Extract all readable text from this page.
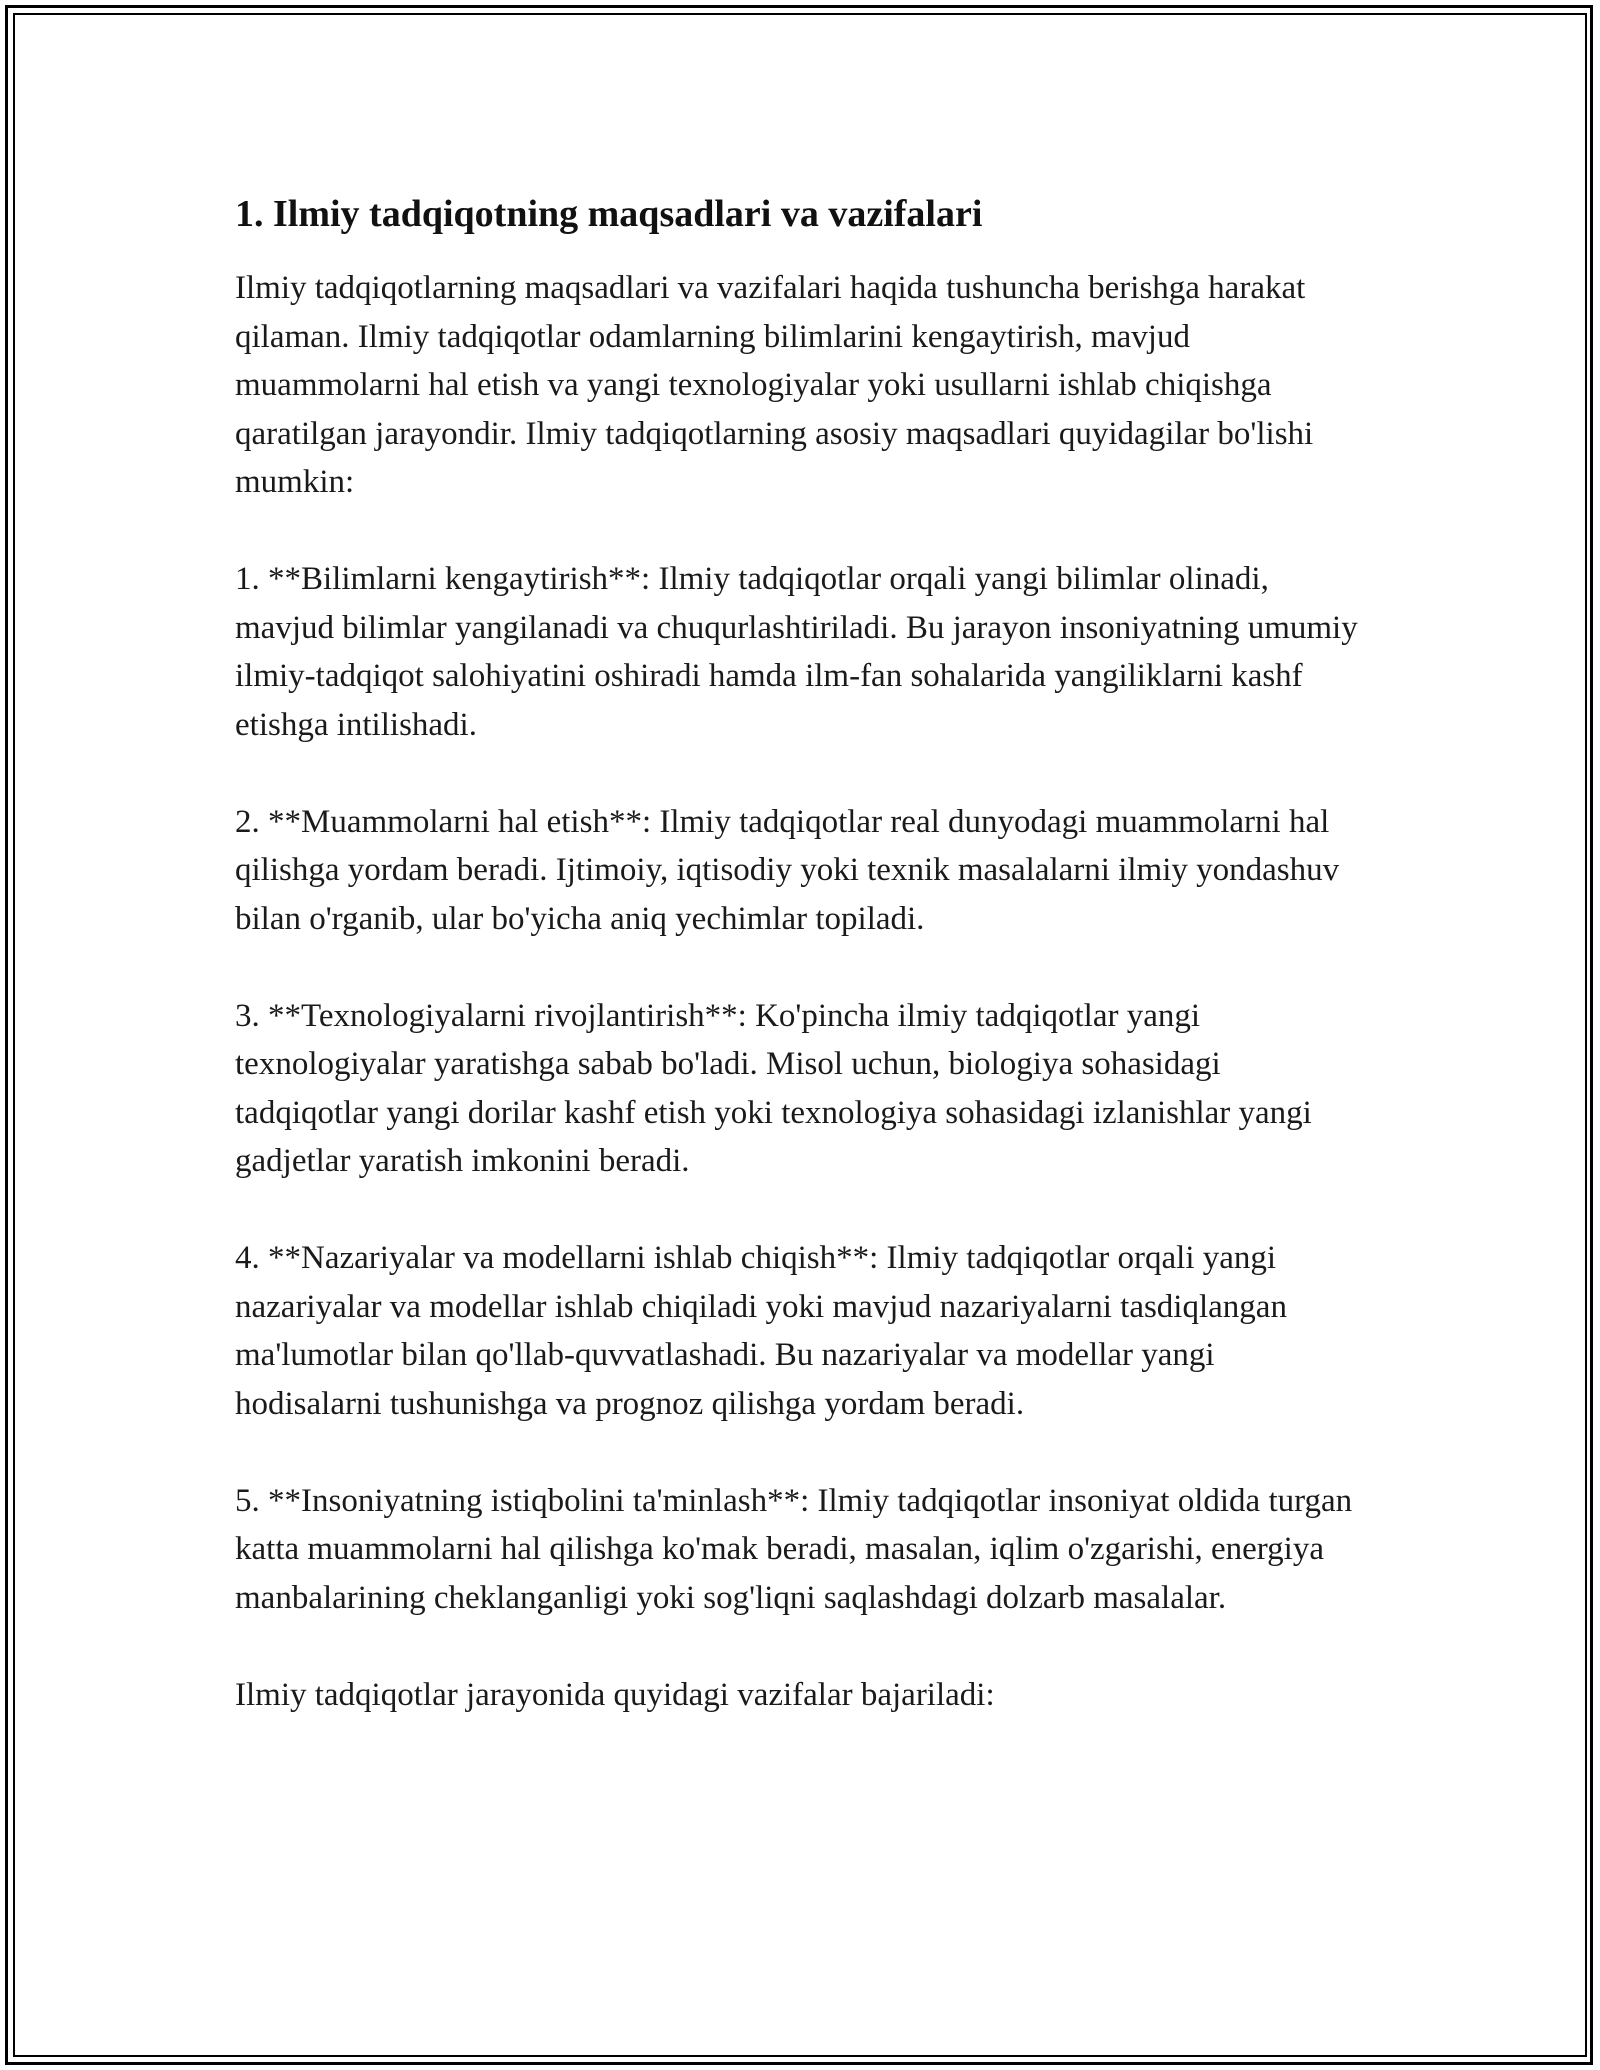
1. Ilmiy tadqiqotning maqsadlari va vazifalari

Ilmiy tadqiqotlarning maqsadlari va vazifalari haqida tushuncha berishga harakat qilaman. Ilmiy tadqiqotlar odamlarning bilimlarini kengaytirish, mavjud muammolarni hal etish va yangi texnologiyalar yoki usullarni ishlab chiqishga qaratilgan jarayondir. Ilmiy tadqiqotlarning asosiy maqsadlari quyidagilar bo'lishi mumkin:

1. **Bilimlarni kengaytirish**: Ilmiy tadqiqotlar orqali yangi bilimlar olinadi, mavjud bilimlar yangilanadi va chuqurlashtiriladi. Bu jarayon insoniyatning umumiy ilmiy-tadqiqot salohiyatini oshiradi hamda ilm-fan sohalarida yangiliklarni kashf etishga intilishadi.

2. **Muammolarni hal etish**: Ilmiy tadqiqotlar real dunyodagi muammolarni hal qilishga yordam beradi. Ijtimoiy, iqtisodiy yoki texnik masalalarni ilmiy yondashuv bilan o'rganib, ular bo'yicha aniq yechimlar topiladi.

3. **Texnologiyalarni rivojlantirish**: Ko'pincha ilmiy tadqiqotlar yangi texnologiyalar yaratishga sabab bo'ladi. Misol uchun, biologiya sohasidagi tadqiqotlar yangi dorilar kashf etish yoki texnologiya sohasidagi izlanishlar yangi gadjetlar yaratish imkonini beradi.

4. **Nazariyalar va modellarni ishlab chiqish**: Ilmiy tadqiqotlar orqali yangi nazariyalar va modellar ishlab chiqiladi yoki mavjud nazariyalarni tasdiqlangan ma'lumotlar bilan qo'llab-quvvatlashadi. Bu nazariyalar va modellar yangi hodisalarni tushunishga va prognoz qilishga yordam beradi.

5. **Insoniyatning istiqbolini ta'minlash**: Ilmiy tadqiqotlar insoniyat oldida turgan katta muammolarni hal qilishga ko'mak beradi, masalan, iqlim o'zgarishi, energiya manbalarining cheklanganligi yoki sog'liqni saqlashdagi dolzarb masalalar.

Ilmiy tadqiqotlar jarayonida quyidagi vazifalar bajariladi:
